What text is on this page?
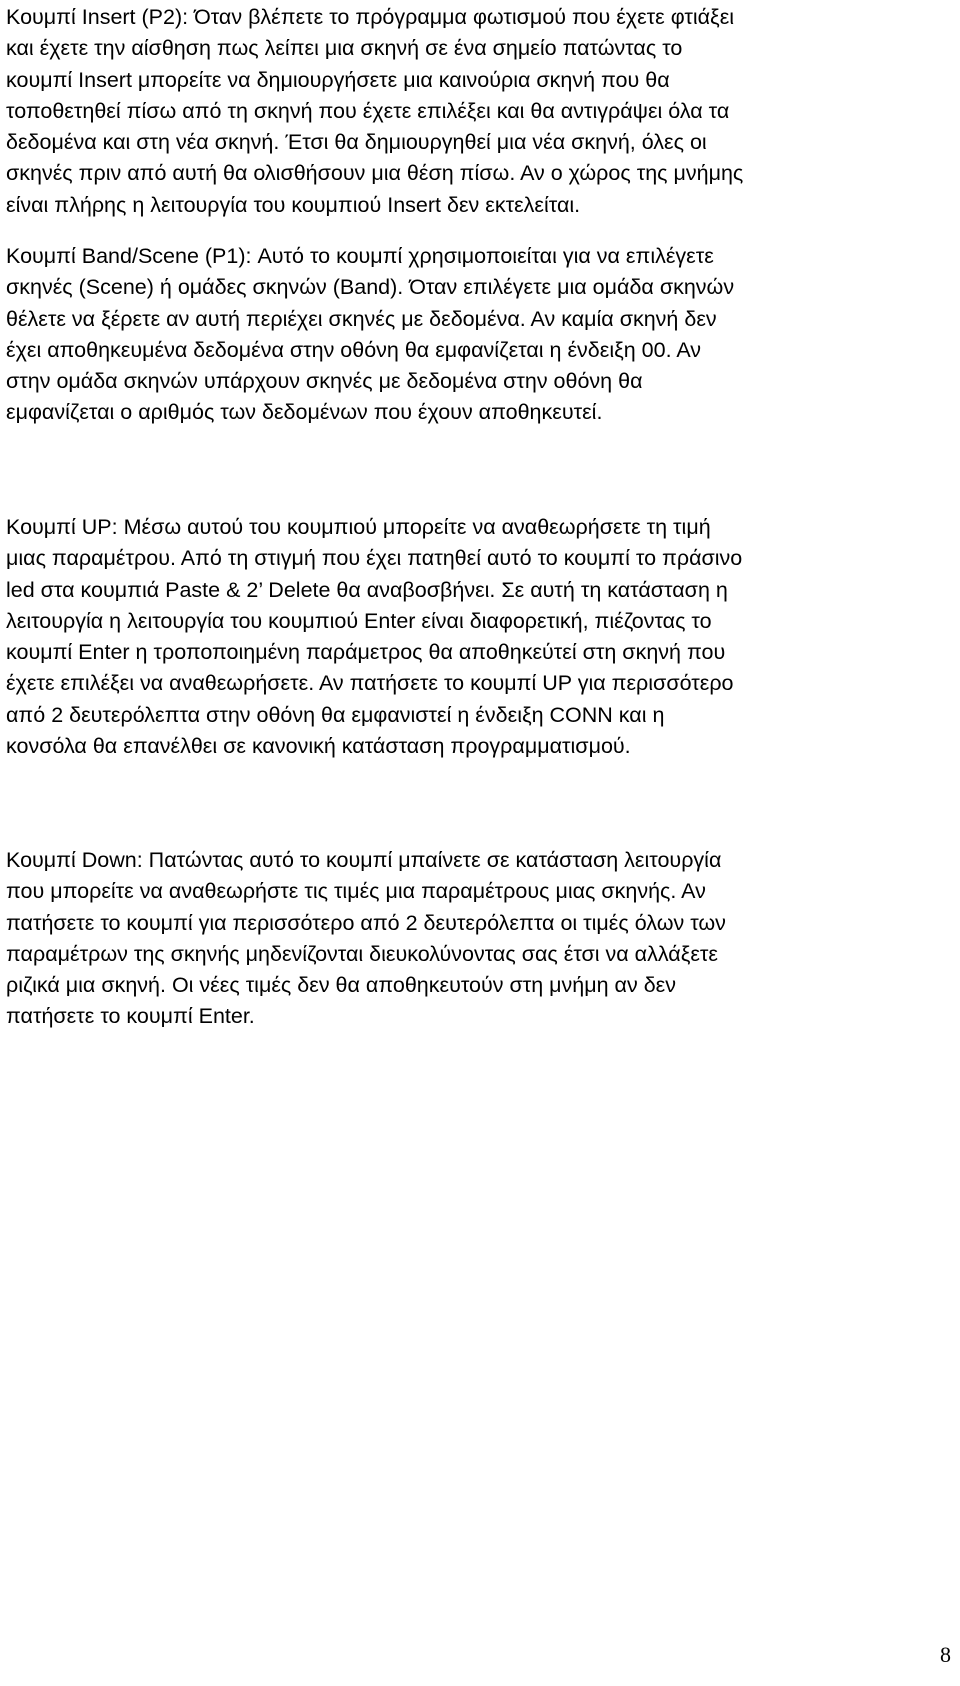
Κουμπί Insert (P2): Όταν βλέπετε το πρόγραμμα φωτισμού που έχετε φτιάξει
και έχετε την αίσθηση πως λείπει μια σκηνή σε ένα σημείο πατώντας το
κουμπί Insert μπορείτε να δημιουργήσετε μια καινούρια σκηνή που θα
τοποθετηθεί πίσω από τη σκηνή που έχετε επιλέξει και θα αντιγράψει όλα τα
δεδομένα και στη νέα σκηνή. Έτσι θα δημιουργηθεί μια νέα σκηνή, όλες οι
σκηνές πριν από αυτή θα ολισθήσουν μια θέση πίσω. Αν ο χώρος της μνήμης
είναι πλήρης η λειτουργία του κουμπιού Insert δεν εκτελείται.

Κουμπί Band/Scene (P1): Αυτό το κουμπί χρησιμοποιείται για να επιλέγετε
σκηνές (Scene) ή ομάδες σκηνών (Band). Όταν επιλέγετε μια ομάδα σκηνών
θέλετε να ξέρετε αν αυτή περιέχει σκηνές με δεδομένα. Αν καμία σκηνή δεν
έχει αποθηκευμένα δεδομένα στην οθόνη θα εμφανίζεται η ένδειξη 00. Αν
στην ομάδα σκηνών υπάρχουν σκηνές με δεδομένα στην οθόνη θα
εμφανίζεται ο αριθμός των δεδομένων που έχουν αποθηκευτεί.

Κουμπί UP: Μέσω αυτού του κουμπιού μπορείτε να αναθεωρήσετε τη τιμή
μιας παραμέτρου. Από τη στιγμή που έχει πατηθεί αυτό το κουμπί το πράσινο
led στα κουμπιά Paste & 2’ Delete θα αναβοσβήνει. Σε αυτή τη κατάσταση η
λειτουργία η λειτουργία του κουμπιού Enter είναι διαφορετική, πιέζοντας το
κουμπί Enter η τροποποιημένη παράμετρος θα αποθηκεύτεί στη σκηνή που
έχετε επιλέξει να αναθεωρήσετε. Αν πατήσετε το κουμπί UP για περισσότερο
από 2 δευτερόλεπτα στην οθόνη θα εμφανιστεί η ένδειξη CONN και η
κονσόλα θα επανέλθει σε κανονική κατάσταση προγραμματισμού.

Κουμπί Down: Πατώντας αυτό το κουμπί μπαίνετε σε κατάσταση λειτουργία
που μπορείτε να αναθεωρήστε τις τιμές μια παραμέτρους μιας σκηνής. Αν
πατήσετε το κουμπί για περισσότερο από 2 δευτερόλεπτα οι τιμές όλων των
παραμέτρων της σκηνής μηδενίζονται διευκολύνοντας σας έτσι να αλλάξετε
ριζικά μια σκηνή. Οι νέες τιμές δεν θα αποθηκευτούν στη μνήμη αν δεν
πατήσετε το κουμπί Enter.

8
